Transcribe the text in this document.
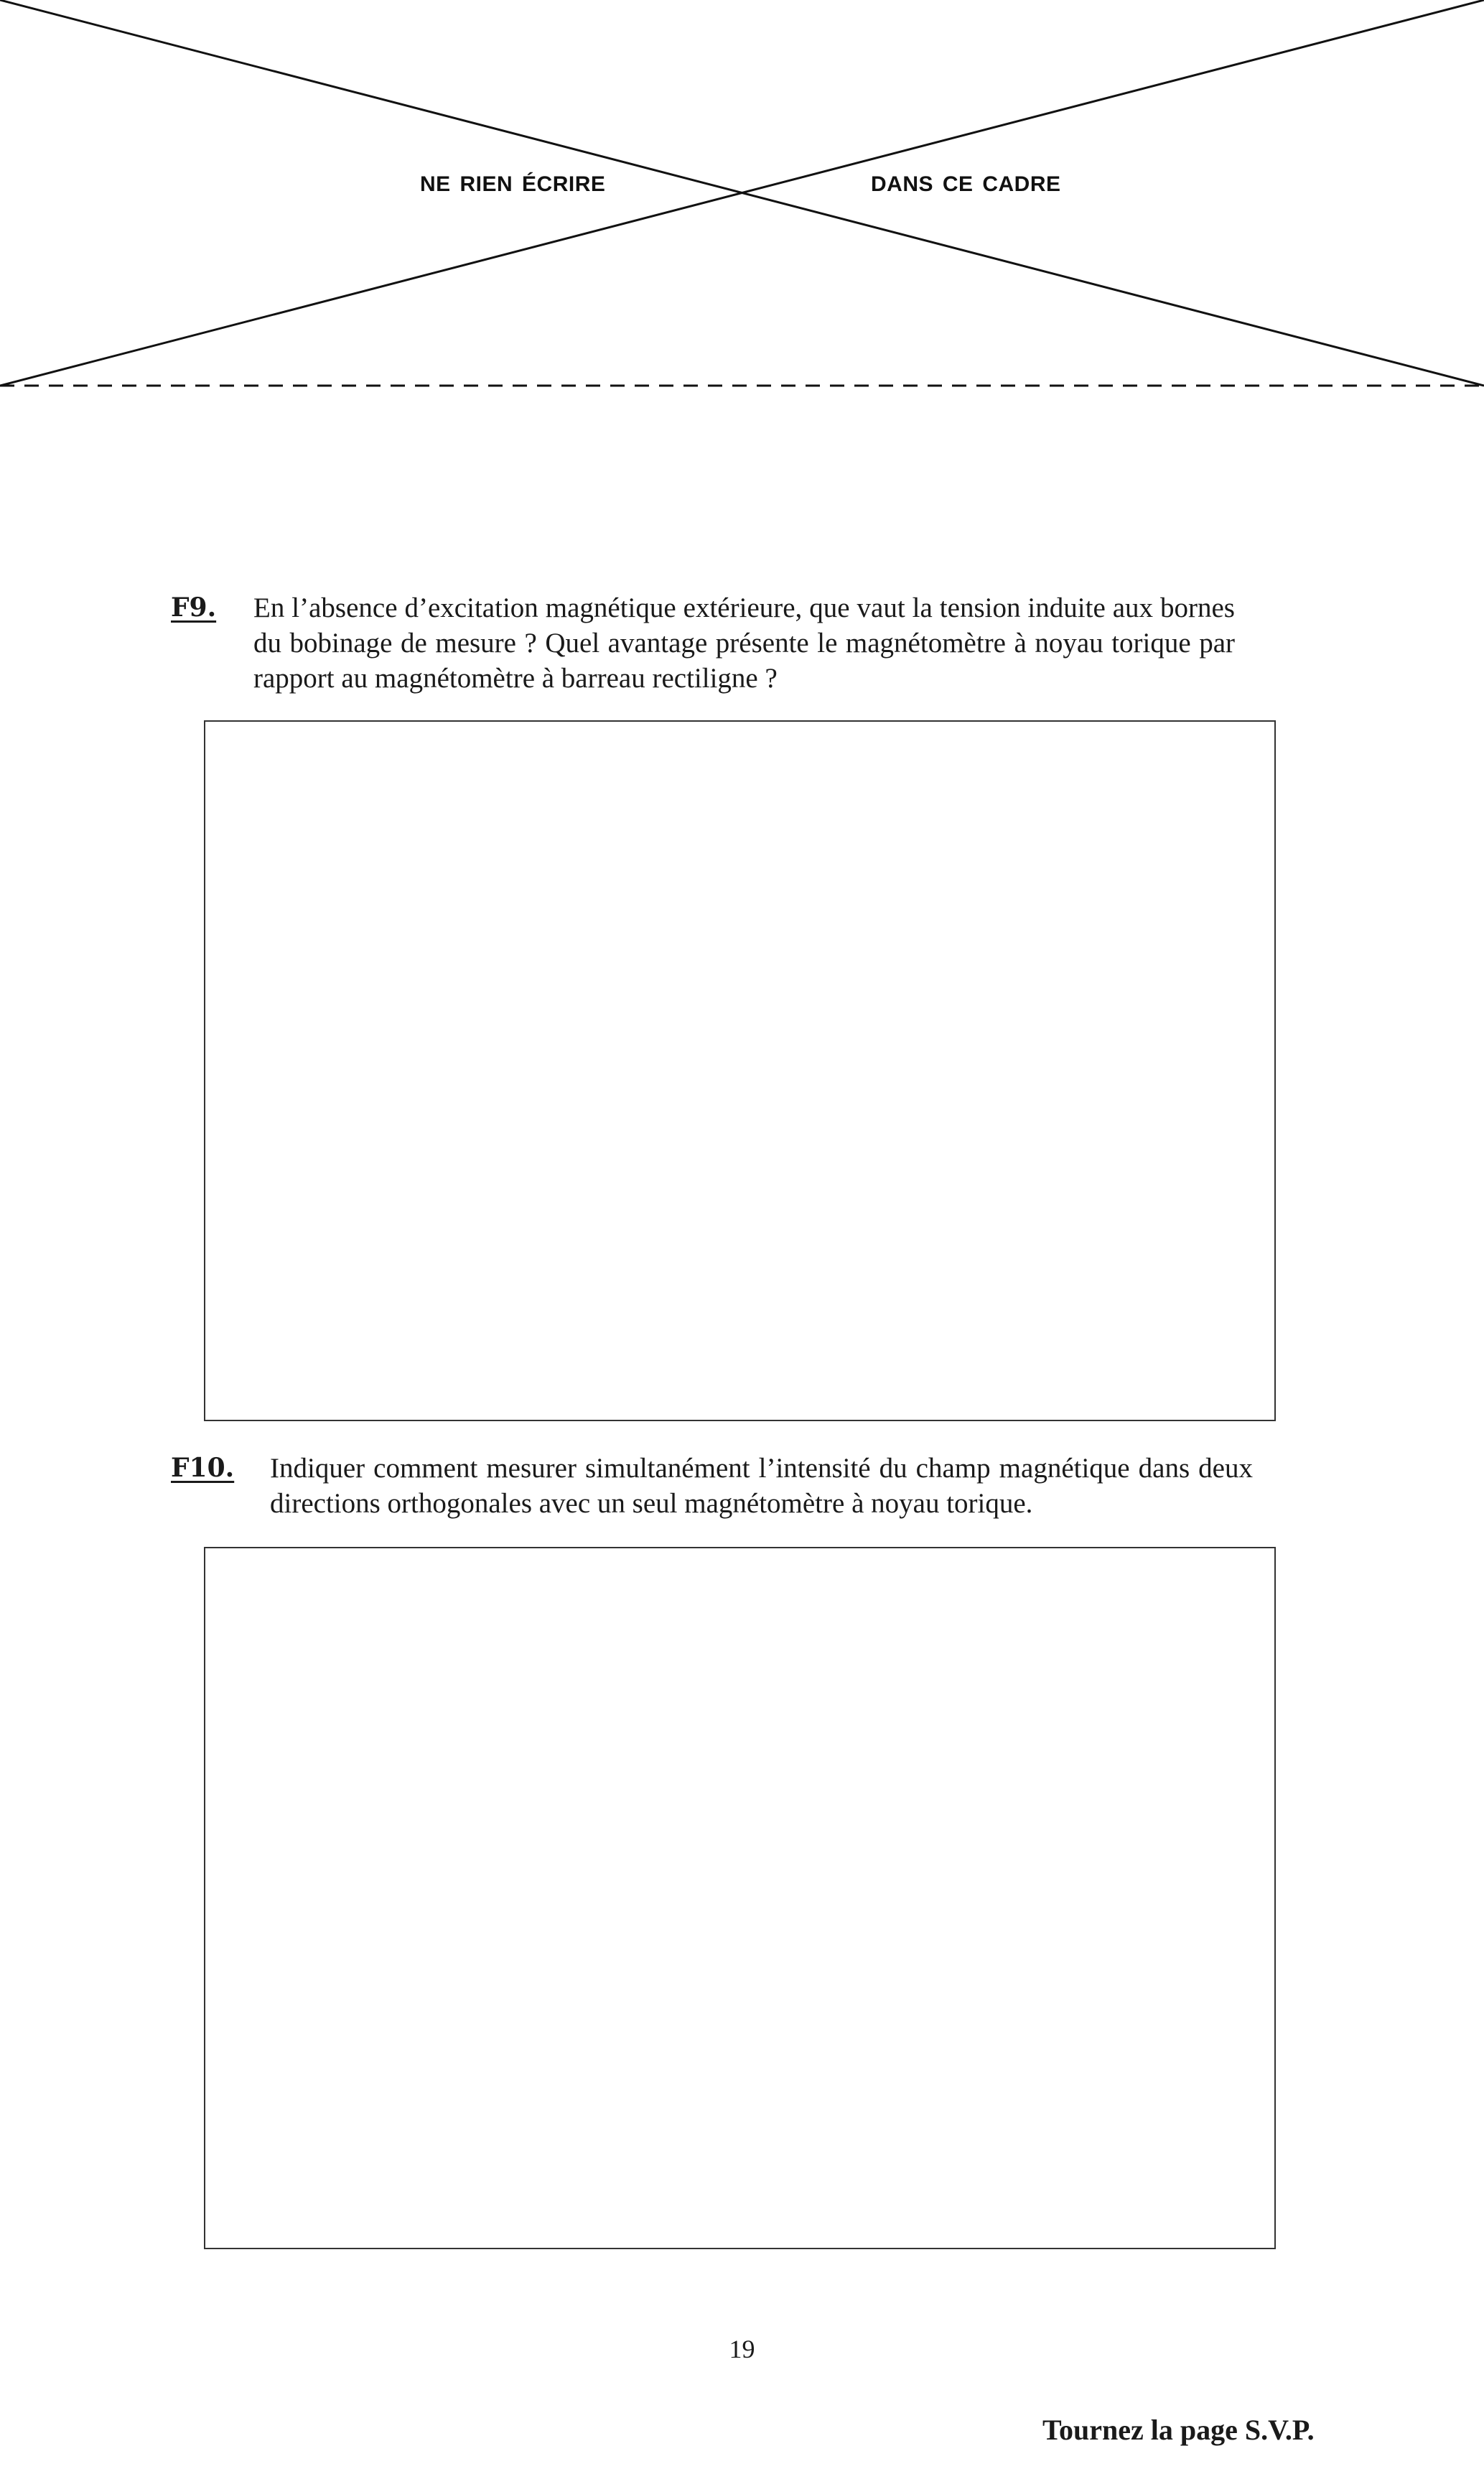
NE RIEN ÉCRIRE	DANS CE CADRE
F9. En l’absence d’excitation magnétique extérieure, que vaut la tension induite aux bornes du bobinage de mesure ? Quel avantage présente le magnétomètre à noyau torique par rapport au magnétomètre à barreau rectiligne ?
F10. Indiquer comment mesurer simultanément l’intensité du champ magnétique dans deux directions orthogonales avec un seul magnétomètre à noyau torique.
19
Tournez la page S.V.P.
